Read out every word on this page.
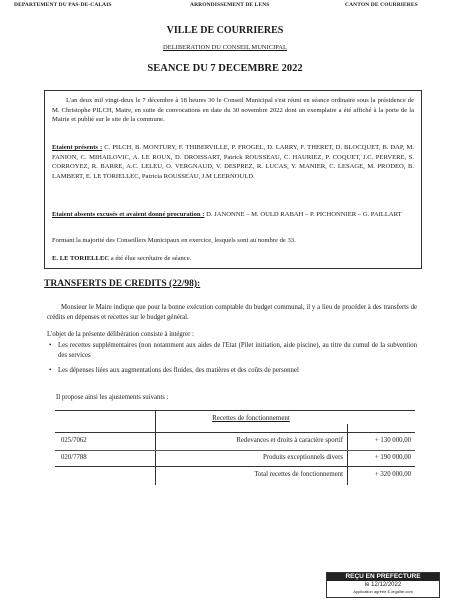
DEPARTEMENT DU PAS-DE-CALAIS	ARRONDISSEMENT DE LENS	CANTON DE COURRIERES
VILLE DE COURRIERES
DELIBERATION DU CONSEIL MUNICIPAL
SEANCE DU 7 DECEMBRE 2022
L'an deux mil vingt-deux le 7 décembre à 18 heures 30 le Conseil Municipal s'est réuni en séance ordinaire sous la présidence de M. Christophe PILCH, Maire, en suite de convocations en date du 30 novembre 2022 dont un exemplaire a été affiché à la porte de la Mairie et publié sur le site de la commune.
Etaient présents : C. PILCH, B. MONTURY, F. THIBERVILLE, P. FROGEL, D. LARRY, F. THERET, D. BLOCQUET, B. DAP, M. FANION, C. MIHAILOVIC, A. LE ROUX, D. DROISSART, Patrick ROUSSEAU, C. HAURIEZ, P. COQUET, J.C. PERVERE, S. CORROYEZ, R. BARRE, A.C. LELEU, O. VERGNAUD, V. DESPREZ, R. LUCAS, Y. MANIER, C. LESAGE, M. PRODEO, B. LAMBERT, E. LE TORIELLEC, Patricia ROUSSEAU, J.M LEERNOULD.
Etaient absents excusés et avaient donné procuration : D. JANONNE – M. OULD RABAH – P. PICHONNIER – G. PAILLART
Formant la majorité des Conseillers Municipaux en exercice, lesquels sont au nombre de 33.
E. LE TORIELLEC a été élue secrétaire de séance.
TRANSFERTS DE CREDITS (22/98):
Monsieur le Maire indique que pour la bonne exécution comptable du budget communal, il y a lieu de procéder à des transferts de crédits en dépenses et recettes sur le budget général.
L'objet de la présente délibération consiste à intégrer :
• Les recettes supplémentaires (non notamment aux aides de l'Etat (Pilet initiation, aide piscine), au titre du cumul de la subvention des services
• Les dépenses liées aux augmentations des fluides, des matières et des coûts de personnel
Il propose ainsi les ajustements suivants :
Recettes de fonctionnement
025/7062	Redevances et droits à caractère sportif	+ 130 000,00
020/7788	Produits exceptionnels divers	+ 190 000,00
Total recettes de fonctionnement	+ 320 000,00
REÇU EN PREFECTURE
le 12/12/2022
Application agréée E-legalite.com
